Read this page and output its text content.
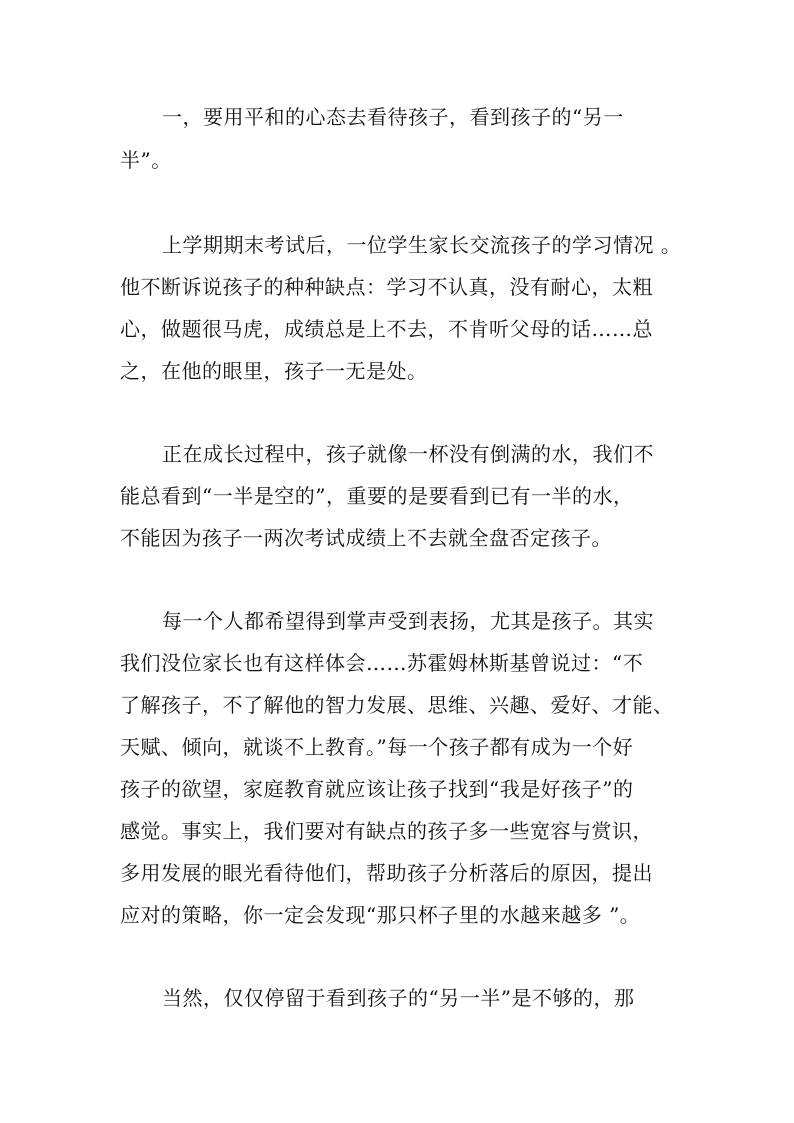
一，要用平和的心态去看待孩子，看到孩子的“另一
半”。
上学期期末考试后，一位学生家长交流孩子的学习情况 。
他不断诉说孩子的种种缺点：学习不认真，没有耐心，太粗
心，做题很马虎，成绩总是上不去，不肯听父母的话……总
之，在他的眼里，孩子一无是处。
正在成长过程中，孩子就像一杯没有倒满的水，我们不
能总看到“一半是空的”，重要的是要看到已有一半的水，
不能因为孩子一两次考试成绩上不去就全盘否定孩子。
每一个人都希望得到掌声受到表扬，尤其是孩子。其实
我们没位家长也有这样体会……苏霍姆林斯基曾说过：“不
了解孩子，不了解他的智力发展、思维、兴趣、爱好、才能、
天赋、倾向，就谈不上教育。”每一个孩子都有成为一个好
孩子的欲望，家庭教育就应该让孩子找到“我是好孩子”的
感觉。事实上，我们要对有缺点的孩子多一些宽容与赏识，
多用发展的眼光看待他们，帮助孩子分析落后的原因，提出
应对的策略，你一定会发现“那只杯子里的水越来越多 ”。
当然，仅仅停留于看到孩子的“另一半”是不够的，那
